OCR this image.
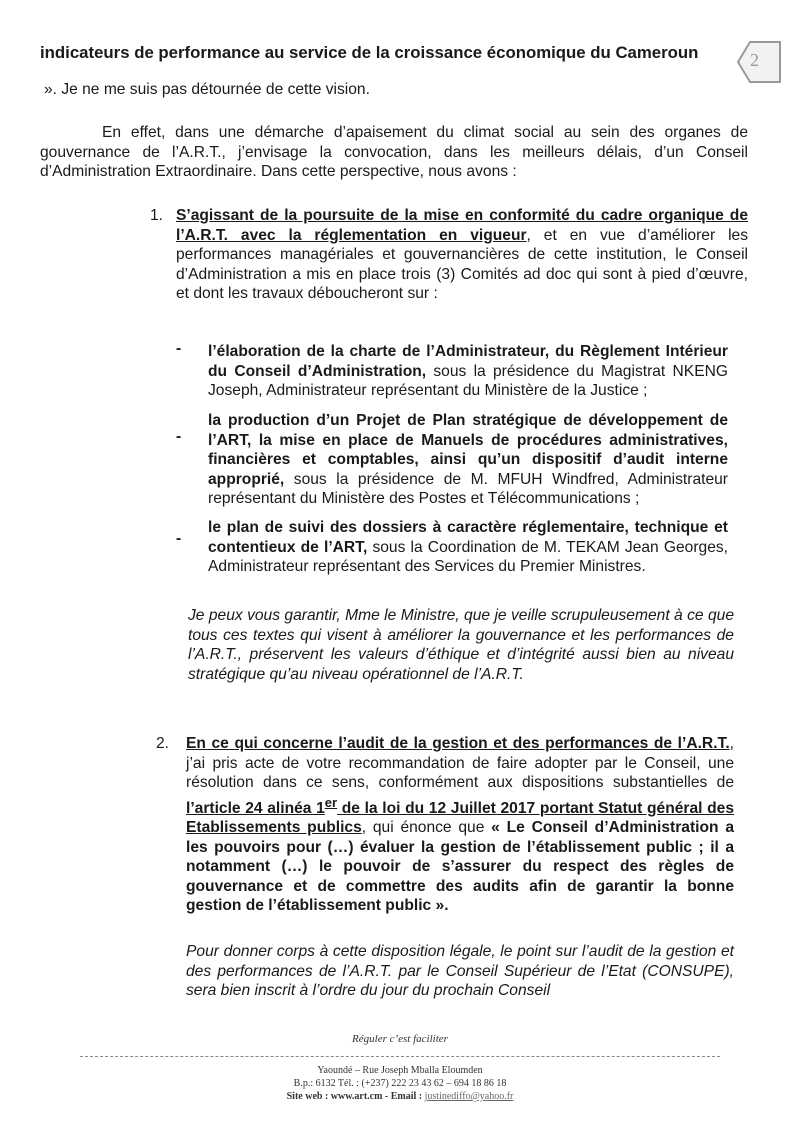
2

indicateurs de performance au service de la croissance économique du Cameroun

». Je ne me suis pas détournée de cette vision.

En effet, dans une démarche d’apaisement du climat social au sein des organes de gouvernance de l’A.R.T., j’envisage la convocation, dans les meilleurs délais, d’un Conseil d’Administration Extraordinaire. Dans cette perspective, nous avons :

1. S’agissant de la poursuite de la mise en conformité du cadre organique de l’A.R.T. avec la réglementation en vigueur, et en vue d’améliorer les performances managériales et gouvernancières de cette institution, le Conseil d’Administration a mis en place trois (3) Comités ad doc qui sont à pied d’œuvre, et dont les travaux déboucheront sur :

- l’élaboration de la charte de l’Administrateur, du Règlement Intérieur du Conseil d’Administration, sous la présidence du Magistrat NKENG Joseph, Administrateur représentant du Ministère de la Justice ;

-

la production d’un Projet de Plan stratégique de développement de l’ART, la mise en place de Manuels de procédures administratives, financières et comptables, ainsi qu’un dispositif d’audit interne approprié, sous la présidence de M. MFUH Windfred, Administrateur représentant du Ministère des Postes et Télécommunications ;

-

le plan de suivi des dossiers à caractère réglementaire, technique et contentieux de l’ART, sous la Coordination de M. TEKAM Jean Georges, Administrateur représentant des Services du Premier Ministres.

Je peux vous garantir, Mme le Ministre, que je veille scrupuleusement à ce que tous ces textes qui visent à améliorer la gouvernance et les performances de l’A.R.T., préservent les valeurs d’éthique et d’intégrité aussi bien au niveau stratégique qu’au niveau opérationnel de l’A.R.T.

2. En ce qui concerne l’audit de la gestion et des performances de l’A.R.T., j’ai pris acte de votre recommandation de faire adopter par le Conseil, une résolution dans ce sens, conformément aux dispositions substantielles de l’article 24 alinéa 1er de la loi du 12 Juillet 2017 portant Statut général des Etablissements publics, qui énonce que « Le Conseil d’Administration a les pouvoirs pour (…) évaluer la gestion de l’établissement public ; il a notamment (…) le pouvoir de s’assurer du respect des règles de gouvernance et de commettre des audits afin de garantir la bonne gestion de l’établissement public ».

Pour donner corps à cette disposition légale, le point sur l’audit de la gestion et des performances de l’A.R.T. par le Conseil Supérieur de l’Etat (CONSUPE), sera bien inscrit à l’ordre du jour du prochain Conseil

Réguler c’est faciliter
Yaoundé – Rue Joseph Mballa Eloumden
B.p.: 6132 Tél. : (+237) 222 23 43 62 – 694 18 86 18
Site web : www.art.cm - Email : justinediffo@yahoo.fr
